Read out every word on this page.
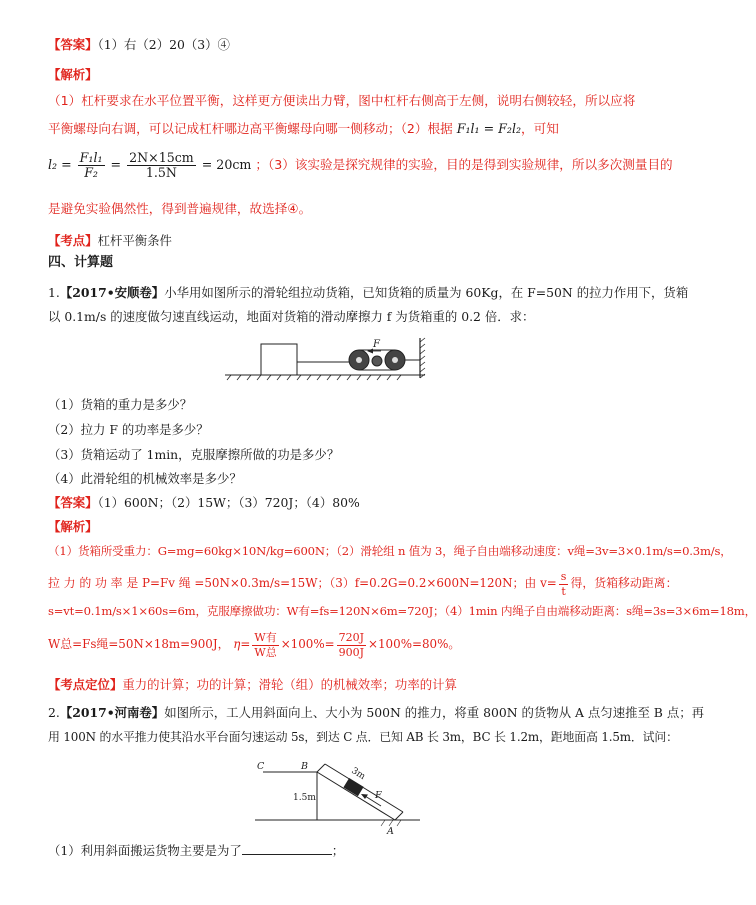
【答案】（1）右（2）20（3）④
【解析】
（1）杠杆要求在水平位置平衡，这样更方便读出力臂，图中杠杆右侧高于左侧，说明右侧较轻，所以应将
平衡螺母向右调，可以记成杠杆哪边高平衡螺母向哪一侧移动；（2）根据 F₁l₁ = F₂l₂，可知
$l_2 = \frac{\text{F₁l₁}}{\text{F₂}} = \frac{2N\times 15cm}{1.5N} = 20cm$ ；（3）该实验是探究规律的实验，目的是得到实验规律，所以多次测量目的
是避免实验偶然性，得到普遍规律，故选择④。
【考点】杠杆平衡条件
四、计算题
1.【2017•安顺卷】小华用如图所示的滑轮组拉动货箱，已知货箱的质量为 60Kg，在 F=50N 的拉力作用下，货箱
以 0.1m/s 的速度做匀速直线运动，地面对货箱的滑动摩擦力 f 为货箱重的 0.2 倍．求：
F
（1）货箱的重力是多少？
（2）拉力 F 的功率是多少？
（3）货箱运动了 1min，克服摩擦所做的功是多少？
（4）此滑轮组的机械效率是多少？
【答案】（1）600N；（2）15W；（3）720J；（4）80%
【解析】
（1）货箱所受重力：G=mg=60kg×10N/kg=600N；（2）滑轮组 n 值为 3，绳子自由端移动速度：v绳=3v=3×0.1m/s=0.3m/s，
拉 力 的 功 率 是 P=Fv 绳 =50N×0.3m/s=15W；（3）f=0.2G=0.2×600N=120N；由 $v= \frac{s}{t}$ 得，货箱移动距离：
s=vt=0.1m/s×1×60s=6m，克服摩擦做功：W有=fs=120N×6m=720J；（4）1min 内绳子自由端移动距离：s绳=3s=3×6m=18m，
W总=Fs绳=50N×18m=900J， $\eta= \frac{\text{W有}}{\text{W总}} \times 100\%= \frac{720J}{900J} \times 100\%=80\%$。
【考点定位】重力的计算；功的计算；滑轮（组）的机械效率；功率的计算
2.【2017•河南卷】如图所示，工人用斜面向上、大小为 500N 的推力，将重 800N 的货物从 A 点匀速推至 B 点；再
用 100N 的水平推力使其沿水平台面匀速运动 5s，到达 C 点．已知 AB 长 3m，BC 长 1.2m，距地面高 1.5m．试问：
C	B
1.5m
A
3m
F
（1）利用斜面搬运货物主要是为了	；
